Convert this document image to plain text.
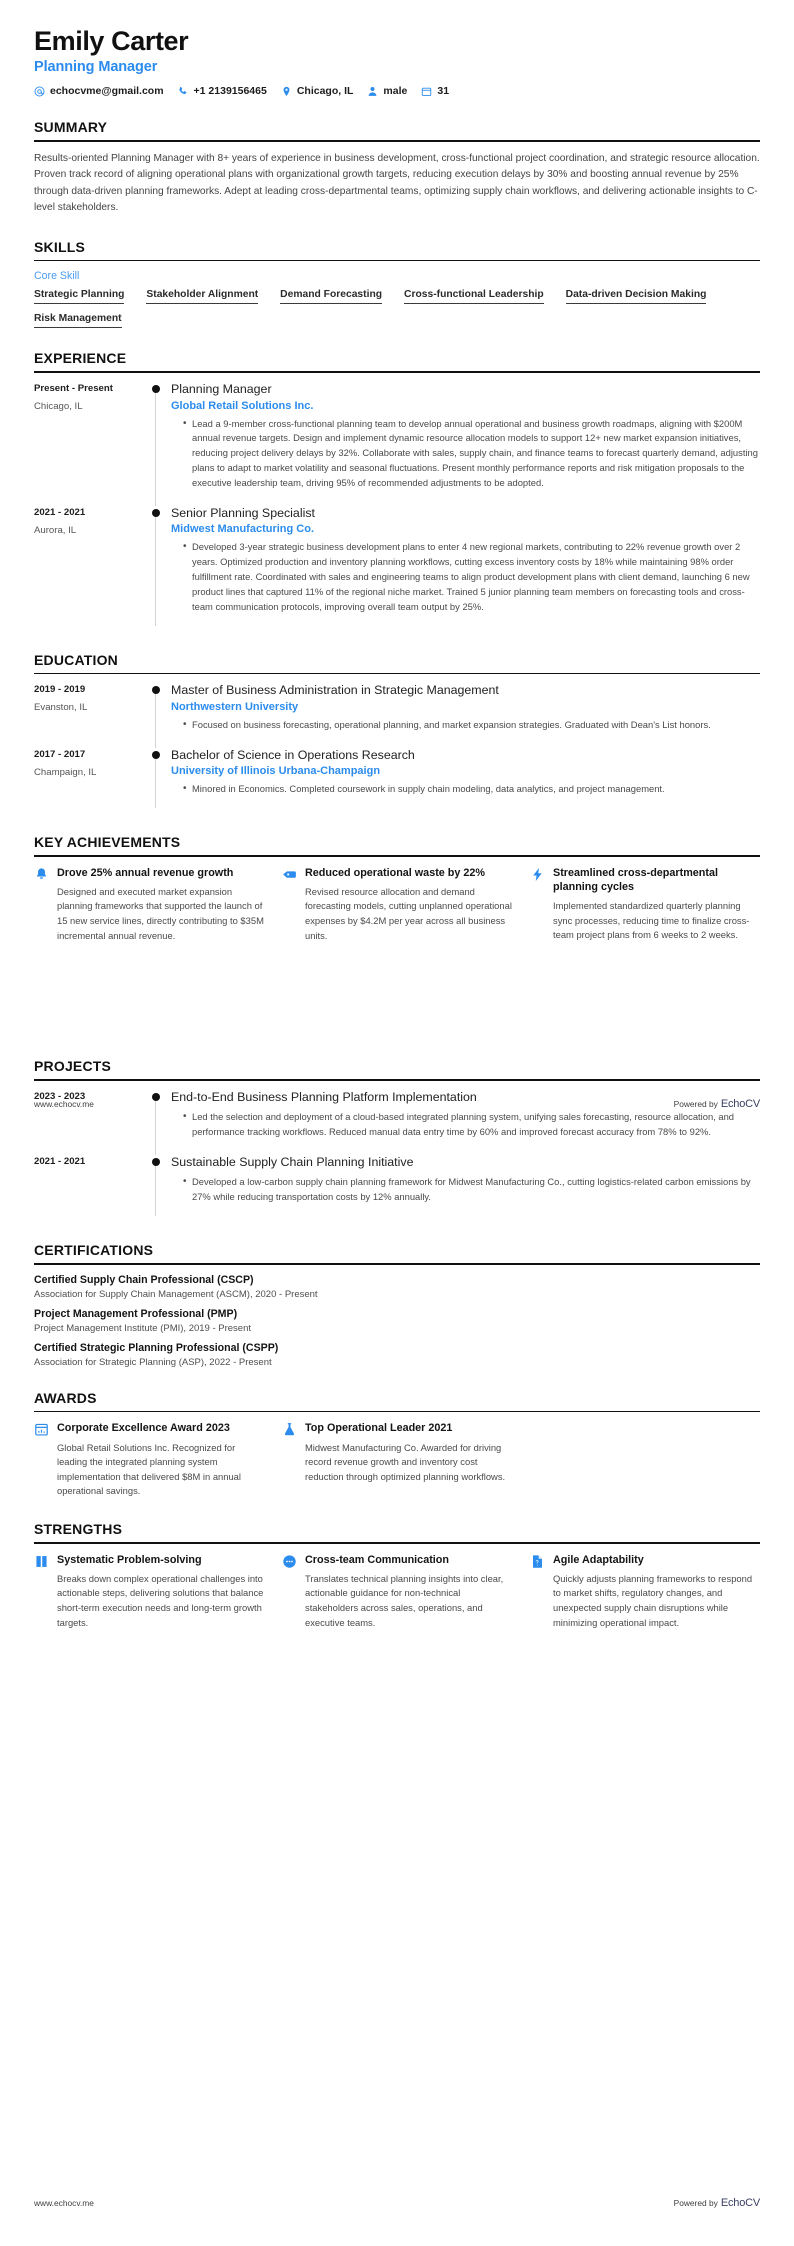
Emily Carter
Planning Manager
echocvme@gmail.com	+1 2139156465	Chicago, IL	male	31
SUMMARY
Results-oriented Planning Manager with 8+ years of experience in business development, cross-functional project coordination, and strategic resource allocation. Proven track record of aligning operational plans with organizational growth targets, reducing execution delays by 30% and boosting annual revenue by 25% through data-driven planning frameworks. Adept at leading cross-departmental teams, optimizing supply chain workflows, and delivering actionable insights to C-level stakeholders.
SKILLS
Core Skill
Strategic Planning Stakeholder Alignment Demand Forecasting Cross-functional Leadership Data-driven Decision Making
Risk Management
EXPERIENCE
Present - Present
Chicago, IL
Planning Manager
Global Retail Solutions Inc.
• Lead a 9-member cross-functional planning team to develop annual operational and business growth roadmaps, aligning with $200M annual revenue targets. Design and implement dynamic resource allocation models to support 12+ new market expansion initiatives, reducing project delivery delays by 32%. Collaborate with sales, supply chain, and finance teams to forecast quarterly demand, adjusting plans to adapt to market volatility and seasonal fluctuations. Present monthly performance reports and risk mitigation proposals to the executive leadership team, driving 95% of recommended adjustments to be adopted.
2021 - 2021
Aurora, IL
Senior Planning Specialist
Midwest Manufacturing Co.
• Developed 3-year strategic business development plans to enter 4 new regional markets, contributing to 22% revenue growth over 2 years. Optimized production and inventory planning workflows, cutting excess inventory costs by 18% while maintaining 98% order fulfillment rate. Coordinated with sales and engineering teams to align product development plans with client demand, launching 6 new product lines that captured 11% of the regional niche market. Trained 5 junior planning team members on forecasting tools and cross-team communication protocols, improving overall team output by 25%.
EDUCATION
2019 - 2019
Evanston, IL
Master of Business Administration in Strategic Management
Northwestern University
• Focused on business forecasting, operational planning, and market expansion strategies. Graduated with Dean's List honors.
2017 - 2017
Champaign, IL
Bachelor of Science in Operations Research
University of Illinois Urbana-Champaign
• Minored in Economics. Completed coursework in supply chain modeling, data analytics, and project management.
KEY ACHIEVEMENTS
Drove 25% annual revenue growth
Designed and executed market expansion planning frameworks that supported the launch of 15 new service lines, directly contributing to $35M incremental annual revenue.
Reduced operational waste by 22%
Revised resource allocation and demand forecasting models, cutting unplanned operational expenses by $4.2M per year across all business units.
Streamlined cross-departmental planning cycles
Implemented standardized quarterly planning sync processes, reducing time to finalize cross-team project plans from 6 weeks to 2 weeks.
PROJECTS
2023 - 2023	End-to-End Business Planning Platform Implementation
• Led the selection and deployment of a cloud-based integrated planning system, unifying sales forecasting, resource allocation, and performance tracking workflows. Reduced manual data entry time by 60% and improved forecast accuracy from 78% to 92%.
2021 - 2021	Sustainable Supply Chain Planning Initiative
• Developed a low-carbon supply chain planning framework for Midwest Manufacturing Co., cutting logistics-related carbon emissions by 27% while reducing transportation costs by 12% annually.
CERTIFICATIONS
Certified Supply Chain Professional (CSCP)
Association for Supply Chain Management (ASCM), 2020 - Present
Project Management Professional (PMP)
Project Management Institute (PMI), 2019 - Present
Certified Strategic Planning Professional (CSPP)
Association for Strategic Planning (ASP), 2022 - Present
AWARDS
Corporate Excellence Award 2023
Global Retail Solutions Inc. Recognized for leading the integrated planning system implementation that delivered $8M in annual operational savings.
Top Operational Leader 2021
Midwest Manufacturing Co. Awarded for driving record revenue growth and inventory cost reduction through optimized planning workflows.
STRENGTHS
Systematic Problem-solving
Breaks down complex operational challenges into actionable steps, delivering solutions that balance short-term execution needs and long-term growth targets.
Cross-team Communication
Translates technical planning insights into clear, actionable guidance for non-technical stakeholders across sales, operations, and executive teams.
Agile Adaptability
Quickly adjusts planning frameworks to respond to market shifts, regulatory changes, and unexpected supply chain disruptions while minimizing operational impact.
www.echocv.me	Powered by EchoCV
www.echocv.me	Powered by EchoCV
